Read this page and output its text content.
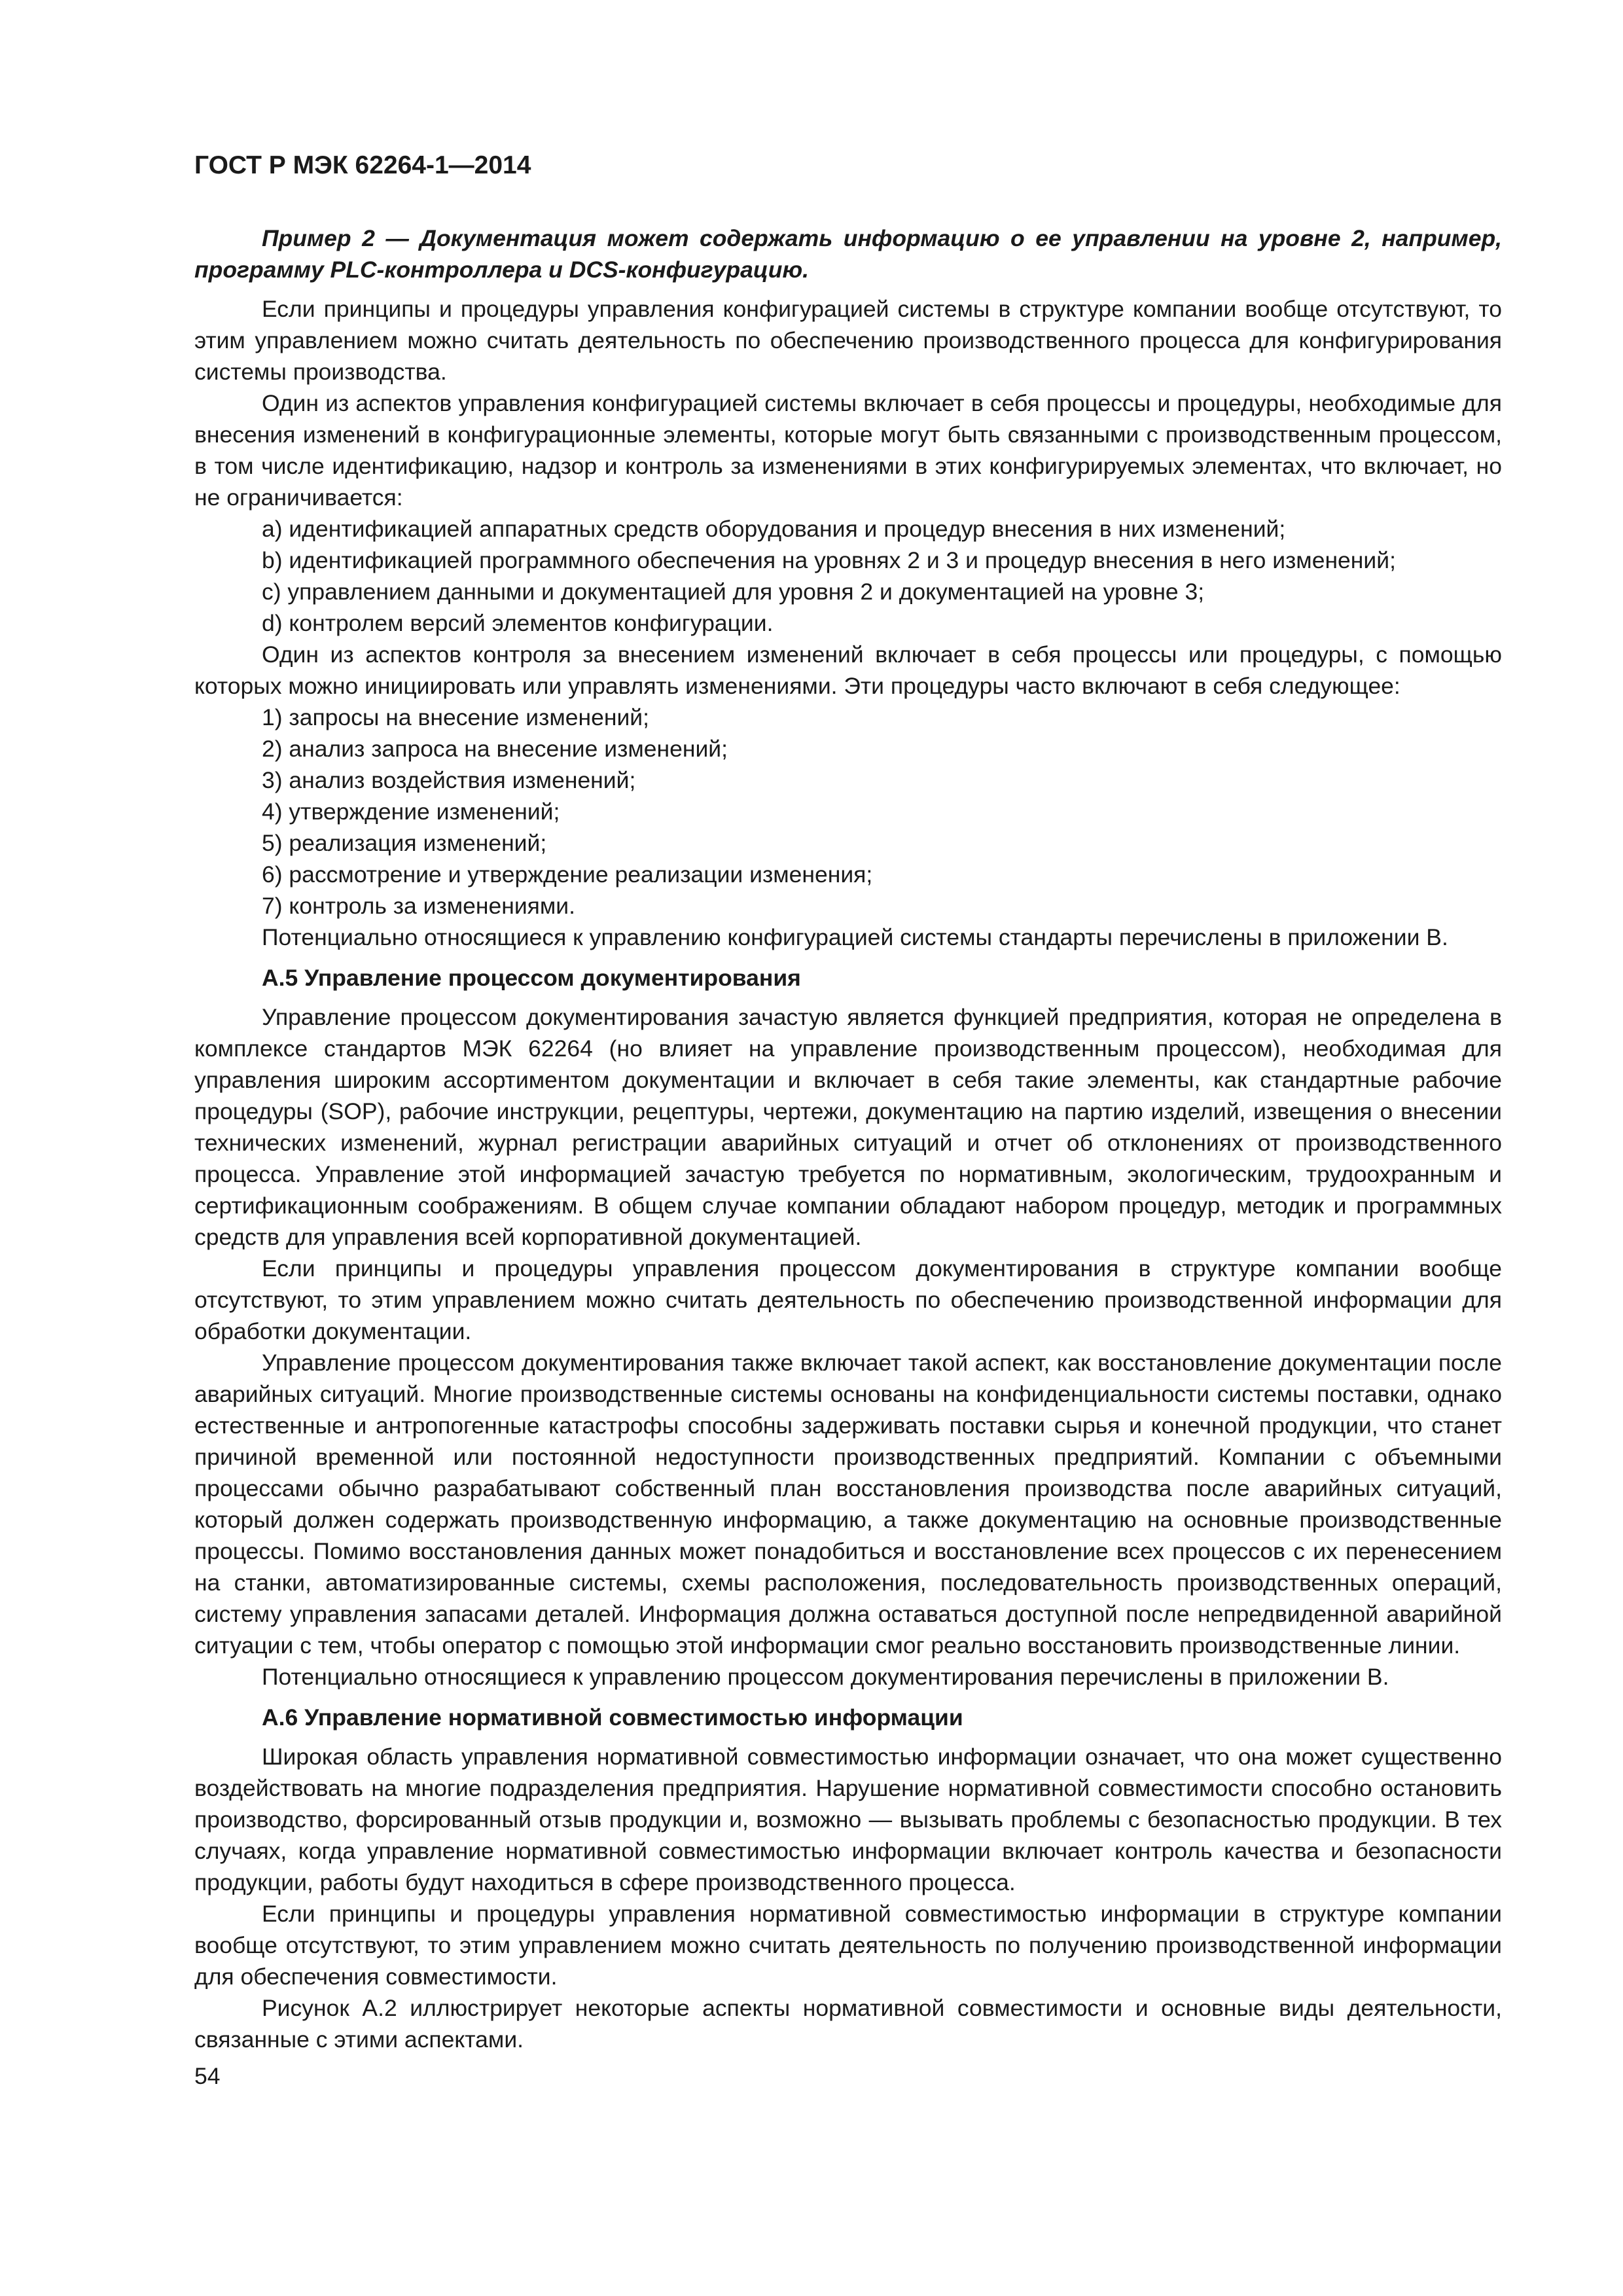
ГОСТ Р МЭК 62264-1—2014
Пример 2 — Документация может содержать информацию о ее управлении на уровне 2, например, программу PLC-контроллера и DCS-конфигурацию.

Если принципы и процедуры управления конфигурацией системы в структуре компании вообще отсутствуют, то этим управлением можно считать деятельность по обеспечению производственного процесса для конфигурирования системы производства.

Один из аспектов управления конфигурацией системы включает в себя процессы и процедуры, необходимые для внесения изменений в конфигурационные элементы, которые могут быть связанными с производственным процессом, в том числе идентификацию, надзор и контроль за изменениями в этих конфигурируемых элементах, что включает, но не ограничивается:

a) идентификацией аппаратных средств оборудования и процедур внесения в них изменений;

b) идентификацией программного обеспечения на уровнях 2 и 3 и процедур внесения в него изменений;

c) управлением данными и документацией для уровня 2 и документацией на уровне 3;

d) контролем версий элементов конфигурации.

Один из аспектов контроля за внесением изменений включает в себя процессы или процедуры, с помощью которых можно инициировать или управлять изменениями. Эти процедуры часто включают в себя следующее:

1) запросы на внесение изменений;

2) анализ запроса на внесение изменений;

3) анализ воздействия изменений;

4) утверждение изменений;

5) реализация изменений;

6) рассмотрение и утверждение реализации изменения;

7) контроль за изменениями.

Потенциально относящиеся к управлению конфигурацией системы стандарты перечислены в приложении В.

А.5 Управление процессом документирования

Управление процессом документирования зачастую является функцией предприятия, которая не определена в комплексе стандартов МЭК 62264 (но влияет на управление производственным процессом), необходимая для управления широким ассортиментом документации и включает в себя такие элементы, как стандартные рабочие процедуры (SOP), рабочие инструкции, рецептуры, чертежи, документацию на партию изделий, извещения о внесении технических изменений, журнал регистрации аварийных ситуаций и отчет об отклонениях от производственного процесса. Управление этой информацией зачастую требуется по нормативным, экологическим, трудоохранным и сертификационным соображениям. В общем случае компании обладают набором процедур, методик и программных средств для управления всей корпоративной документацией.

Если принципы и процедуры управления процессом документирования в структуре компании вообще отсутствуют, то этим управлением можно считать деятельность по обеспечению производственной информации для обработки документации.

Управление процессом документирования также включает такой аспект, как восстановление документации после аварийных ситуаций. Многие производственные системы основаны на конфиденциальности системы поставки, однако естественные и антропогенные катастрофы способны задерживать поставки сырья и конечной продукции, что станет причиной временной или постоянной недоступности производственных предприятий. Компании с объемными процессами обычно разрабатывают собственный план восстановления производства после аварийных ситуаций, который должен содержать производственную информацию, а также документацию на основные производственные процессы. Помимо восстановления данных может понадобиться и восстановление всех процессов с их перенесением на станки, автоматизированные системы, схемы расположения, последовательность производственных операций, систему управления запасами деталей. Информация должна оставаться доступной после непредвиденной аварийной ситуации с тем, чтобы оператор с помощью этой информации смог реально восстановить производственные линии.

Потенциально относящиеся к управлению процессом документирования перечислены в приложении В.

А.6 Управление нормативной совместимостью информации

Широкая область управления нормативной совместимостью информации означает, что она может существенно воздействовать на многие подразделения предприятия. Нарушение нормативной совместимости способно остановить производство, форсированный отзыв продукции и, возможно — вызывать проблемы с безопасностью продукции. В тех случаях, когда управление нормативной совместимостью информации включает контроль качества и безопасности продукции, работы будут находиться в сфере производственного процесса.

Если принципы и процедуры управления нормативной совместимостью информации в структуре компании вообще отсутствуют, то этим управлением можно считать деятельность по получению производственной информации для обеспечения совместимости.

Рисунок А.2 иллюстрирует некоторые аспекты нормативной совместимости и основные виды деятельности, связанные с этими аспектами.

54
